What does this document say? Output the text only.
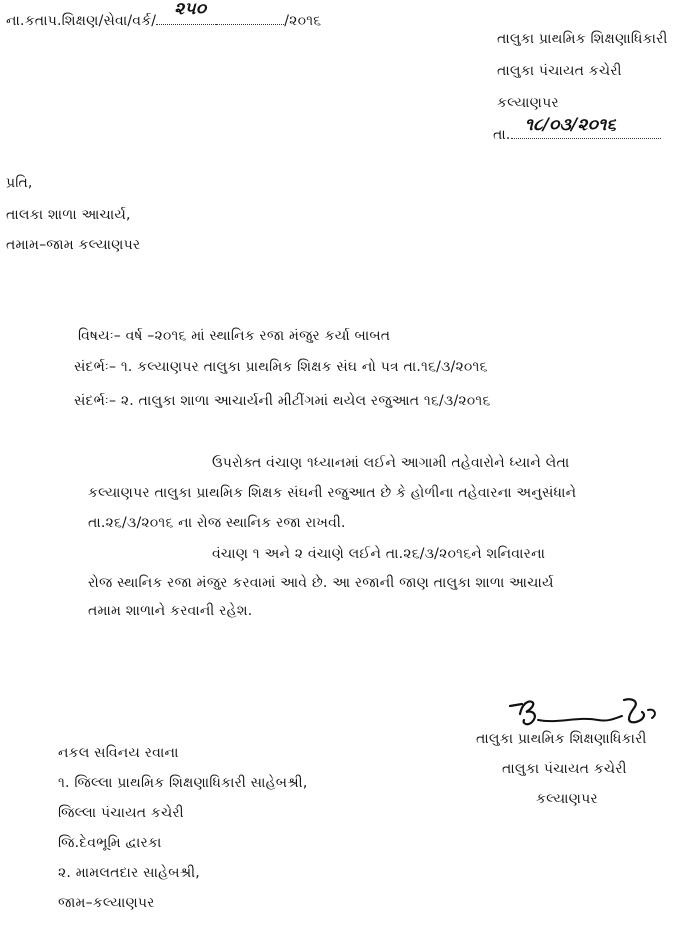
ના.કતાપ.શિક્ષણ/સેવા/વર્ક/
૨૫૦
/૨૦૧૬
તાલુકા પ્રાથમિક શિક્ષણાધિકારી
તાલુકા પંચાયત કચેરી
કલ્યાણપર
તા. ૧૮/૦૩/૨૦૧૬
પ્રતિ,
તાલકા શાળા આચાર્ય,
તમામ–જામ કલ્યાણપર
વિષયઃ– વર્ષ –૨૦૧૬ માં સ્થાનિક રજા મંજુર કર્યા બાબત
સંદર્ભઃ– ૧. કલ્યાણપર તાલુકા પ્રાથમિક શિક્ષક સંઘ નો પત્ર તા.૧૬/૩/૨૦૧૬
સંદર્ભઃ– ૨. તાલુકા શાળા આચાર્યની મીટીંગમાં થયેલ રજુઆત ૧૬/૩/૨૦૧૬
ઉપરોક્ત વંચાણ ૧ધ્યાનમાં લઈને આગામી તહેવારોને ધ્યાને લેતા
કલ્યાણપર તાલુકા પ્રાથમિક શિક્ષક સંઘની રજુઆત છે કે હોળીના તહેવારના અનુસંધાને
તા.૨૬/૩/૨૦૧૬ ના રોજ સ્થાનિક રજા રાખવી.
વંચાણ ૧ અને ૨ વંચાણે લઈને તા.૨૬/૩/૨૦૧૬ને શનિવારના
રોજ સ્થાનિક રજા મંજુર કરવામાં આવે છે. આ રજાની જાણ તાલુકા શાળા આચાર્ય
તમામ શાળાને કરવાની રહેશ.
તાલુકા પ્રાથમિક શિક્ષણાધિકારી
તાલુકા પંચાયત કચેરી
કલ્યાણપર
નકલ સવિનય રવાના
૧. જિલ્લા પ્રાથમિક શિક્ષણાધિકારી સાહેબશ્રી,
જિલ્લા પંચાયત કચેરી
જિ.દેવભૂમિ દ્વારકા
૨. મામલતદાર સાહેબશ્રી,
જામ–કલ્યાણપર
